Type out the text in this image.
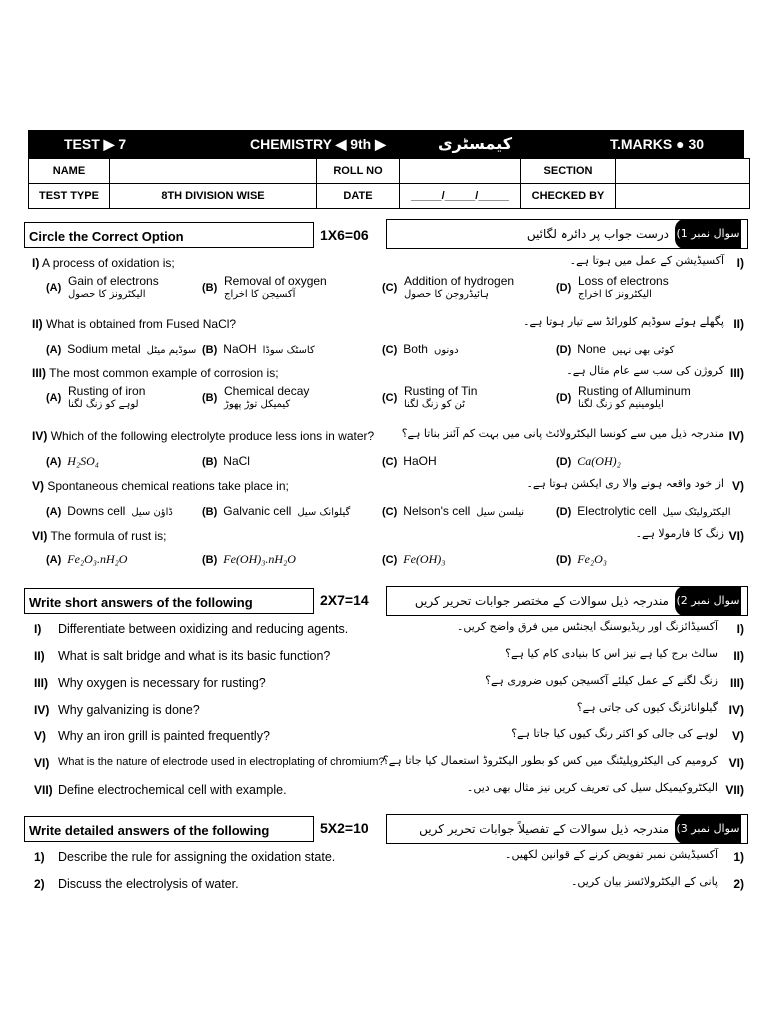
TEST ▶ 7	CHEMISTRY ◀ 9th ▶	کیمسٹری	T.MARKS ● 30
NAME		ROLL NO		SECTION	
TEST TYPE	8TH DIVISION WISE	DATE	_____/_____/_____	CHECKED BY	
Circle the Correct Option	1X6=06	درست جواب پر دائرہ لگائیں سوال نمبر 1)
I) A process of oxidation is;	آکسیڈیشن کے عمل میں ہوتا ہے۔ I)
(A) Gain of electrons
الیکٹرونز کا حصول
(B) Removal of oxygen
آکسیجن کا اخراج
(C) Addition of hydrogen
ہائیڈروجن کا حصول
(D) Loss of electrons
الیکٹرونز کا اخراج
II) What is obtained from Fused NaCl?	پگھلے ہوئے سوڈیم کلورائڈ سے تیار ہوتا ہے۔ II)
(A) Sodium metal سوڈیم میٹل (B) NaOH کاسٹک سوڈا	(C) Both دونوں	(D) None کوئی بھی نہیں
III) The most common example of corrosion is;	کروژن کی سب سے عام مثال ہے۔ III)
(A) Rusting of iron
لوہے کو زنگ لگنا
(B) Chemical decay
کیمیکل توڑ پھوڑ
(C) Rusting of Tin
ٹن کو زنگ لگنا
(D) Rusting of Alluminum
ایلومینیم کو زنگ لگنا
IV) Which of the following electrolyte produce less ions in water?	مندرجہ ذیل میں سے کونسا الیکٹرولائٹ پانی میں بہت کم آئنز بناتا ہے؟ IV)
(A) H₂SO₄	(B) NaCl	(C) HaOH	(D) Ca(OH)₂
V) Spontaneous chemical reations take place in;	از خود واقعہ ہونے والا ری ایکشن ہوتا ہے۔ V)
(A) Downs cell ڈاؤن سیل	(B) Galvanic cell گیلوانک سیل	(C) Nelson's cell نیلسن سیل	(D) Electrolytic cell الیکٹرولیٹک سیل
VI) The formula of rust is;	زنگ کا فارمولا ہے۔ VI)
(A) Fe₂O₃.nH₂O	(B) Fe(OH)₃.nH₂O	(C) Fe(OH)₃	(D) Fe₂O₃
Write short answers of the following	2X7=14	مندرجہ ذیل سوالات کے مختصر جوابات تحریر کریں سوال نمبر 2)
I) Differentiate between oxidizing and reducing agents.	آکسیڈائزنگ اور ریڈیوسنگ ایجنٹس میں فرق واضح کریں۔ I)
II) What is salt bridge and what is its basic function?	سالٹ برج کیا ہے نیز اس کا بنیادی کام کیا ہے؟ II)
III) Why oxygen is necessary for rusting?	زنگ لگنے کے عمل کیلئے آکسیجن کیوں ضروری ہے؟ III)
IV) Why galvanizing is done?	گیلوانائزنگ کیوں کی جاتی ہے؟ IV)
V) Why an iron grill is painted frequently?	لوہے کی جالی کو اکثر رنگ کیوں کیا جاتا ہے؟ V)
VI) What is the nature of electrode used in electroplating of chromium?
کرومیم کی الیکٹروپلیٹنگ میں کس کو بطور الیکٹروڈ استعمال کیا جاتا ہے؟ VI)
VII) Define electrochemical cell with example.	الیکٹروکیمیکل سیل کی تعریف کریں نیز مثال بھی دیں۔ VII)
Write detailed answers of the following	5X2=10	مندرجہ ذیل سوالات کے تفصیلاً جوابات تحریر کریں سوال نمبر 3)
1) Describe the rule for assigning the oxidation state.	آکسیڈیشن نمبر تفویض کرنے کے قوانین لکھیں۔ 1)
2) Discuss the electrolysis of water.	پانی کے الیکٹرولائسز بیان کریں۔ 2)
